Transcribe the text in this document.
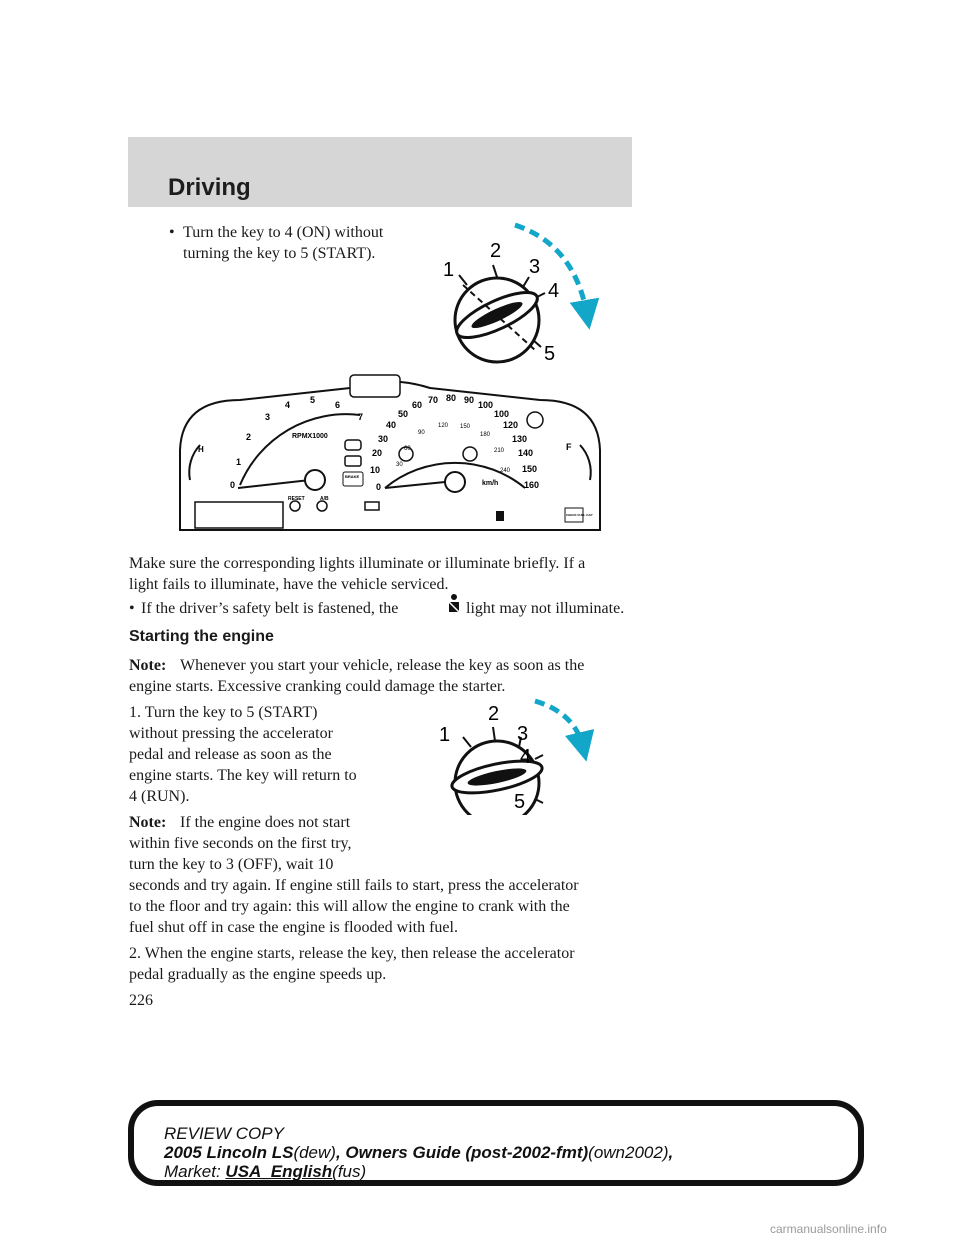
Driving
• Turn the key to 4 (ON) without
turning the key to 5 (START).
1
2
3
4
5
0
1
2
3
4 5 6
7
RPMX1000
0
10
20
30
40
50
60 70 80 90 100
100
120
130
140
150
160
30
60
90
120 150
180
210
240
km/h
H	F
BRAKE
RESET	A/B
CHECK FUEL CAP
Make sure the corresponding lights illuminate or illuminate briefly. If a
light fails to illuminate, have the vehicle serviced.
• If the driver’s safety belt is fastened, the	light may not illuminate.
Starting the engine
Note: Whenever you start your vehicle, release the key as soon as the
engine starts. Excessive cranking could damage the starter.
1. Turn the key to 5 (START)
without pressing the accelerator
pedal and release as soon as the
engine starts. The key will return to
4 (RUN).
Note: If the engine does not start
within five seconds on the first try,
turn the key to 3 (OFF), wait 10
seconds and try again. If engine still fails to start, press the accelerator
to the floor and try again: this will allow the engine to crank with the
fuel shut off in case the engine is flooded with fuel.
1
2
3
4
5
2. When the engine starts, release the key, then release the accelerator
pedal gradually as the engine speeds up.
226
REVIEW COPY
2005 Lincoln LS(dew), Owners Guide (post-2002-fmt)(own2002),
Market: USA_English(fus)
carmanualsonline.info
